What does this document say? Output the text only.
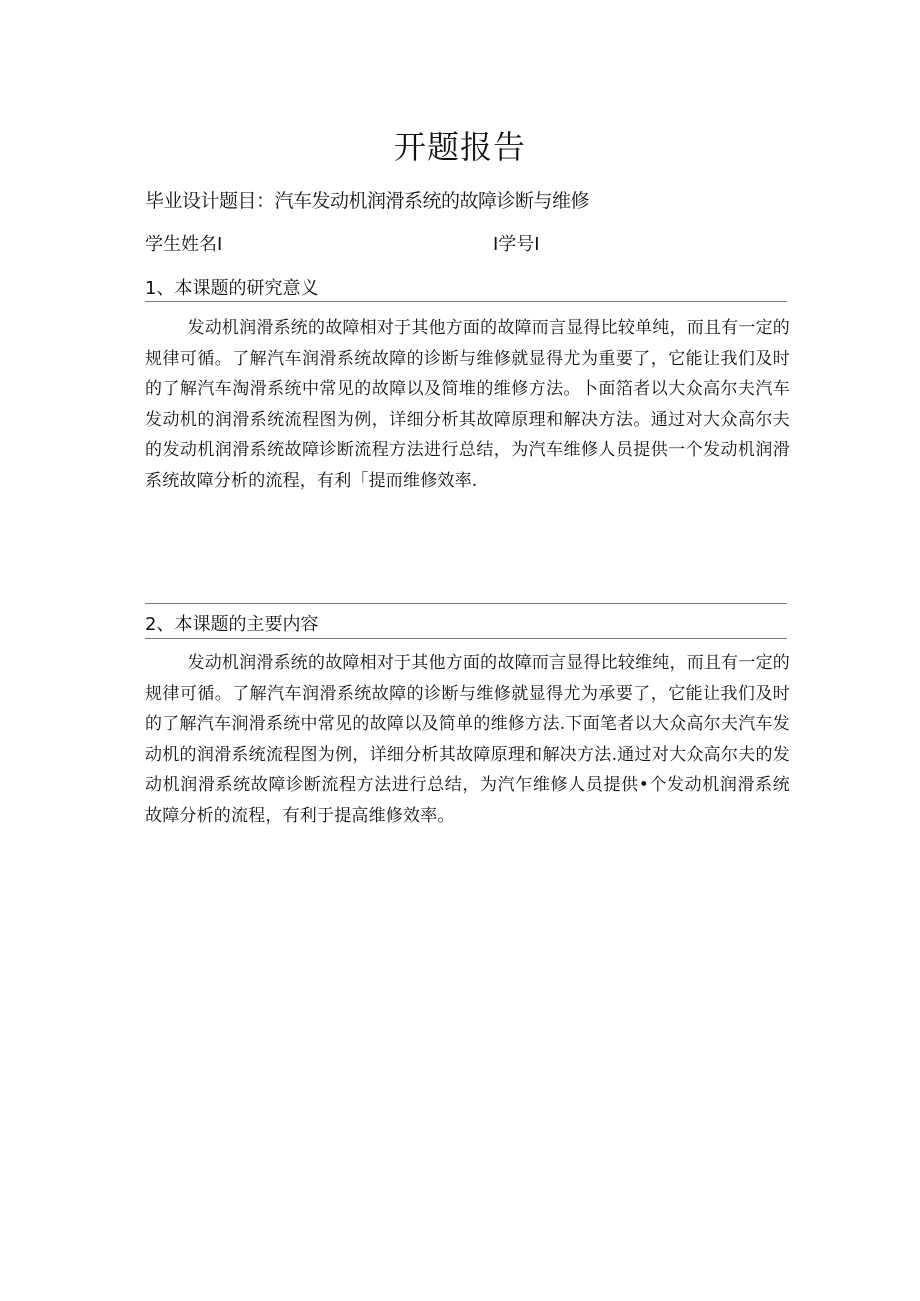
开题报告
毕业设计题目：汽车发动机润滑系统的故障诊断与维修
学生姓名I	I学号I
1、本课题的研究意义

发动机润滑系统的故障相对于其他方面的故障而言显得比较单纯，而且有一定的规律可循。了解汽车润滑系统故障的诊断与维修就显得尤为重要了，它能让我们及时的了解汽车淘滑系统中常见的故障以及简堆的维修方法。卜面箔者以大众高尔夫汽车发动机的润滑系统流程图为例，详细分析其故障原理和解决方法。通过对大众高尔夫的发动机润滑系统故障诊断流程方法进行总结，为汽车维修人员提供一个发动机润滑系统故障分析的流程，有利「提而维修效率.

2、本课题的主要内容

发动机润滑系统的故障相对于其他方面的故障而言显得比较维纯，而且有一定的规律可循。了解汽车润滑系统故障的诊断与维修就显得尤为承要了，它能让我们及时的了解汽车涧滑系统中常见的故障以及简单的维修方法.下面笔者以大众高尔夫汽车发动机的润滑系统流程图为例，详细分析其故障原理和解决方法.通过对大众高尔夫的发动机润滑系统故障诊断流程方法进行总结，为汽乍维修人员提供•个发动机润滑系统故障分析的流程，有利于提高维修效率。
